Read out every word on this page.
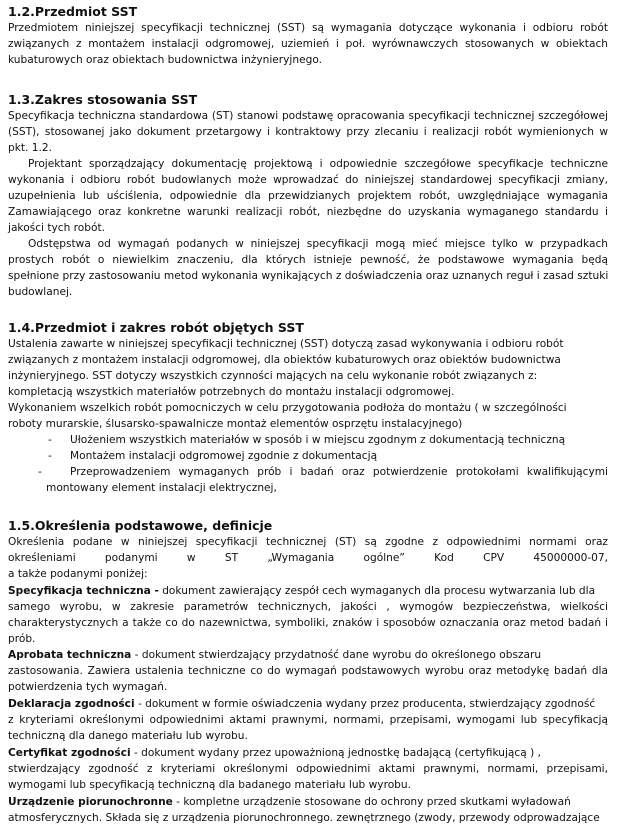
1.2.Przedmiot SST
Przedmiotem niniejszej specyfikacji technicznej (SST) są wymagania dotyczące wykonania i odbioru robót
związanych z montażem instalacji odgromowej, uziemień i poł. wyrównawczych stosowanych w obiektach
kubaturowych oraz obiektach budownictwa inżynieryjnego.
1.3.Zakres stosowania SST
Specyfikacja techniczna standardowa (ST) stanowi podstawę opracowania specyfikacji technicznej szczegółowej
(SST), stosowanej jako dokument przetargowy i kontraktowy przy zlecaniu i realizacji robót wymienionych w
pkt. 1.2.
Projektant sporządzający dokumentację projektową i odpowiednie szczegółowe specyfikacje techniczne
wykonania i odbioru robót budowlanych może wprowadzać do niniejszej standardowej specyfikacji zmiany,
uzupełnienia lub uściślenia, odpowiednie dla przewidzianych projektem robót, uwzględniające wymagania
Zamawiającego oraz konkretne warunki realizacji robót, niezbędne do uzyskania wymaganego standardu i
jakości tych robót.
Odstępstwa od wymagań podanych w niniejszej specyfikacji mogą mieć miejsce tylko w przypadkach
prostych robót o niewielkim znaczeniu, dla których istnieje pewność, że podstawowe wymagania będą
spełnione przy zastosowaniu metod wykonania wynikających z doświadczenia oraz uznanych reguł i zasad sztuki
budowlanej.
1.4.Przedmiot i zakres robót objętych SST
Ustalenia zawarte w niniejszej specyfikacji technicznej (SST) dotyczą zasad wykonywania i odbioru robót
związanych z montażem instalacji odgromowej, dla obiektów kubaturowych oraz obiektów budownictwa
inżynieryjnego. SST dotyczy wszystkich czynności mających na celu wykonanie robót związanych z:
kompletacją wszystkich materiałów potrzebnych do montażu instalacji odgromowej.
Wykonaniem wszelkich robót pomocniczych w celu przygotowania podłoża do montażu ( w szczególności
roboty murarskie, ślusarsko-spawalnicze montaż elementów osprzętu instalacyjnego)
- Ułożeniem wszystkich materiałów w sposób i w miejscu zgodnym z dokumentacją techniczną
- Montażem instalacji odgromowej zgodnie z dokumentacją
-	Przeprowadzeniem wymaganych prób i badań oraz potwierdzenie protokołami kwalifikującymi
montowany element instalacji elektrycznej,
1.5.Określenia podstawowe, definicje
Określenia podane w niniejszej specyfikacji technicznej (ST) są zgodne z odpowiednimi normami oraz
określeniami podanymi w ST „Wymagania ogólne” Kod CPV 45000000-07,
a także podanymi poniżej:
Specyfikacja techniczna - dokument zawierający zespół cech wymaganych dla procesu wytwarzania lub dla
samego wyrobu, w zakresie parametrów technicznych, jakości , wymogów bezpieczeństwa, wielkości
charakterystycznych a także co do nazewnictwa, symboliki, znaków i sposobów oznaczania oraz metod badań i
prób.
Aprobata techniczna - dokument stwierdzający przydatność dane wyrobu do określonego obszaru
zastosowania. Zawiera ustalenia techniczne co do wymagań podstawowych wyrobu oraz metodykę badań dla
potwierdzenia tych wymagań.
Deklaracja zgodności - dokument w formie oświadczenia wydany przez producenta, stwierdzający zgodność
z kryteriami określonymi odpowiednimi aktami prawnymi, normami, przepisami, wymogami lub specyfikacją
techniczną dla danego materiału lub wyrobu.
Certyfikat zgodności - dokument wydany przez upoważnioną jednostkę badającą (certyfikującą ) ,
stwierdzający zgodność z kryteriami określonymi odpowiednimi aktami prawnymi, normami, przepisami,
wymogami lub specyfikacją techniczną dla badanego materiału lub wyrobu.
Urządzenie piorunochronne - kompletne urządzenie stosowane do ochrony przed skutkami wyładowań
atmosferycznych. Składa się z urządzenia piorunochronnego. zewnętrznego (zwody, przewody odprowadzające
